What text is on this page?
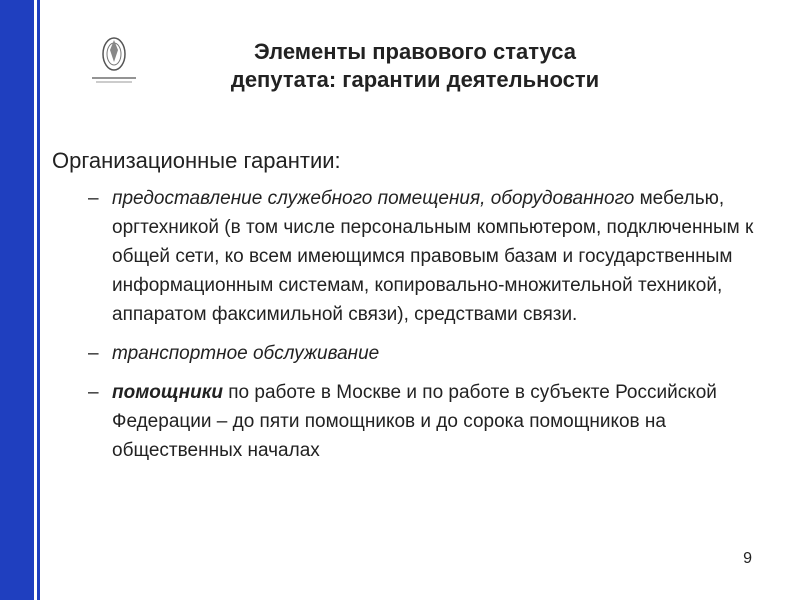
Элементы правового статуса
депутата: гарантии деятельности
Организационные гарантии:
– предоставление служебного помещения, оборудованного мебелью, оргтехникой (в том числе персональным компьютером, подключенным к общей сети, ко всем имеющимся правовым базам и государственным информационным системам, копировально-множительной техникой, аппаратом факсимильной связи), средствами связи.
– транспортное обслуживание
– помощники по работе в Москве и по работе в субъекте Российской Федерации – до пяти помощников и до сорока помощников на общественных началах
9
